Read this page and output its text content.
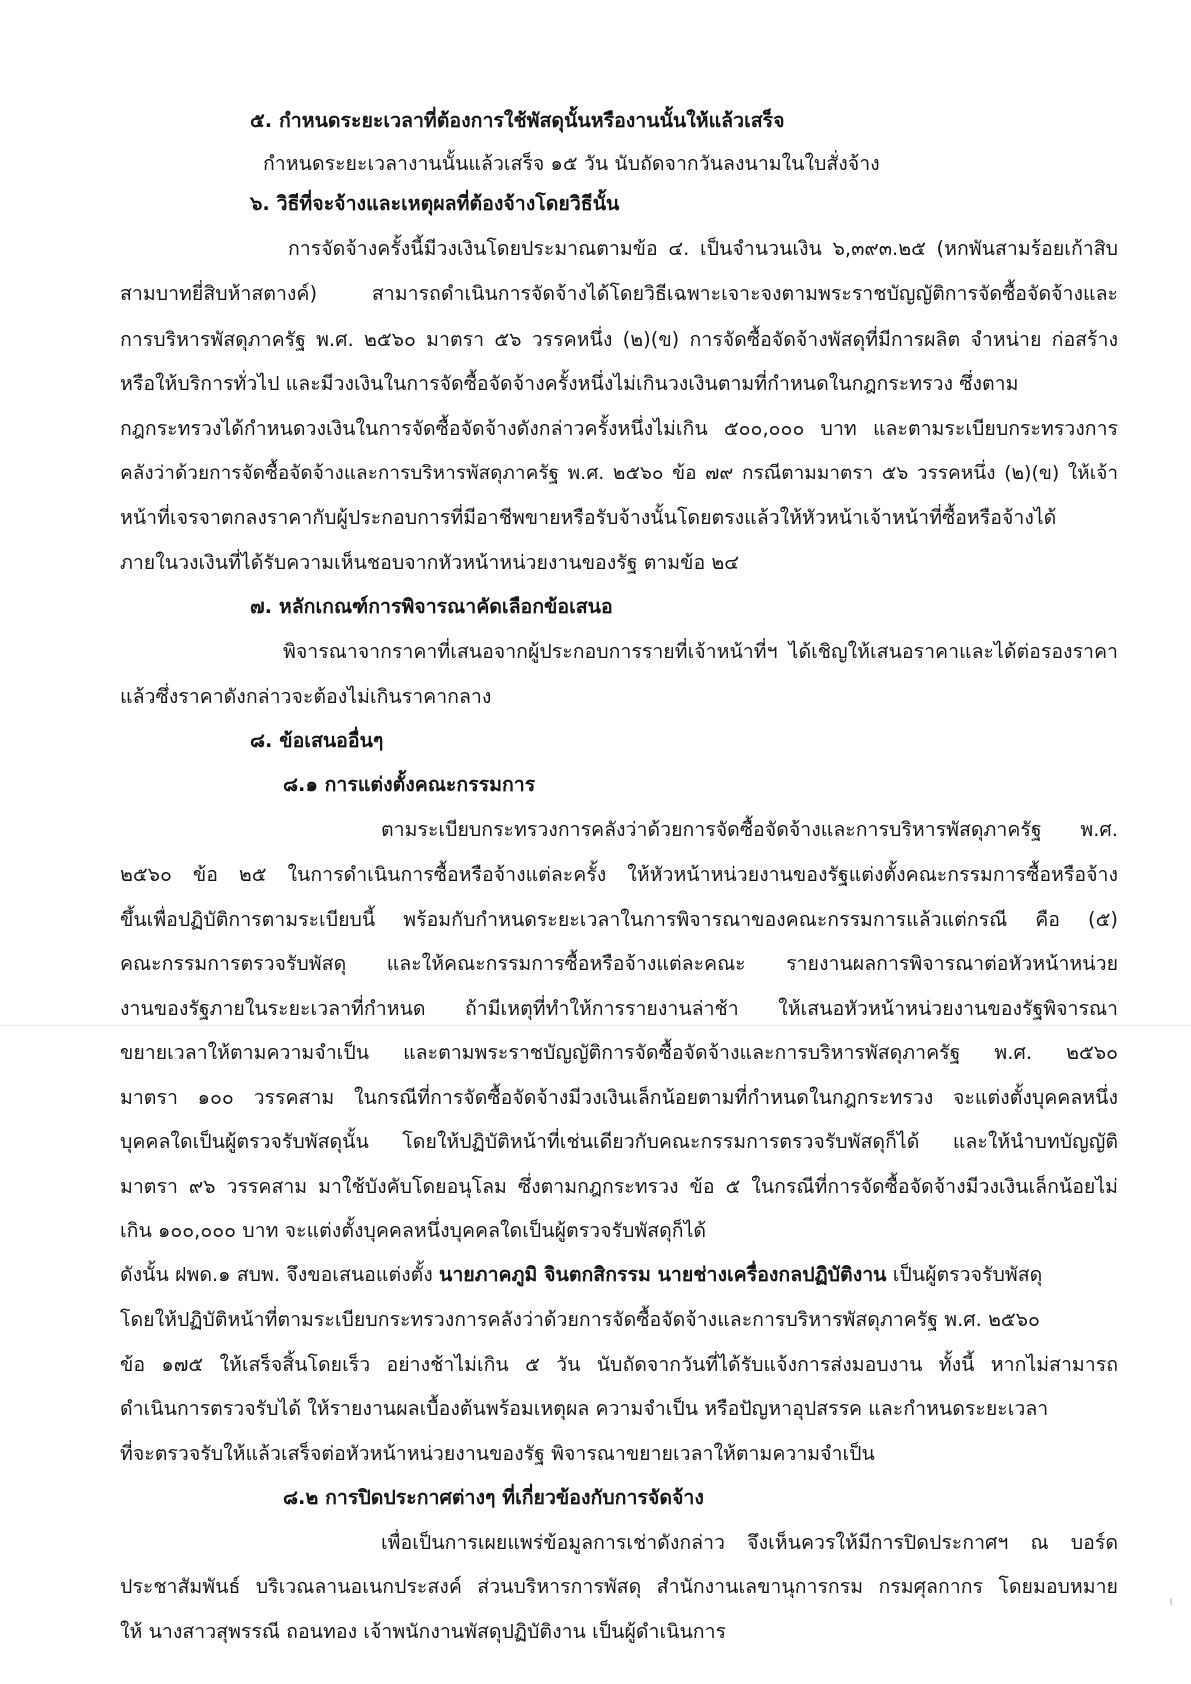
๕. กำหนดระยะเวลาที่ต้องการใช้พัสดุนั้นหรืองานนั้นให้แล้วเสร็จ
กำหนดระยะเวลางานนั้นแล้วเสร็จ ๑๕ วัน นับถัดจากวันลงนามในใบสั่งจ้าง
๖. วิธีที่จะจ้างและเหตุผลที่ต้องจ้างโดยวิธีนั้น
การจัดจ้างครั้งนี้มีวงเงินโดยประมาณตามข้อ ๔. เป็นจำนวนเงิน ๖,๓๙๓.๒๕ (หกพันสามร้อยเก้าสิบ
สามบาทยี่สิบห้าสตางค์) สามารถดำเนินการจัดจ้างได้โดยวิธีเฉพาะเจาะจงตามพระราชบัญญัติการจัดซื้อจัดจ้างและ
การบริหารพัสดุภาครัฐ พ.ศ. ๒๕๖๐ มาตรา ๕๖ วรรคหนึ่ง (๒)(ข) การจัดซื้อจัดจ้างพัสดุที่มีการผลิต จำหน่าย ก่อสร้าง
หรือให้บริการทั่วไป และมีวงเงินในการจัดซื้อจัดจ้างครั้งหนึ่งไม่เกินวงเงินตามที่กำหนดในกฎกระทรวง ซึ่งตาม
กฎกระทรวงได้กำหนดวงเงินในการจัดซื้อจัดจ้างดังกล่าวครั้งหนึ่งไม่เกิน ๕๐๐,๐๐๐ บาท และตามระเบียบกระทรวงการ
คลังว่าด้วยการจัดซื้อจัดจ้างและการบริหารพัสดุภาครัฐ พ.ศ. ๒๕๖๐ ข้อ ๗๙ กรณีตามมาตรา ๕๖ วรรคหนึ่ง (๒)(ข) ให้เจ้า
หน้าที่เจรจาตกลงราคากับผู้ประกอบการที่มีอาชีพขายหรือรับจ้างนั้นโดยตรงแล้วให้หัวหน้าเจ้าหน้าที่ซื้อหรือจ้างได้
ภายในวงเงินที่ได้รับความเห็นชอบจากหัวหน้าหน่วยงานของรัฐ ตามข้อ ๒๔
๗. หลักเกณฑ์การพิจารณาคัดเลือกข้อเสนอ
พิจารณาจากราคาที่เสนอจากผู้ประกอบการรายที่เจ้าหน้าที่ฯ ได้เชิญให้เสนอราคาและได้ต่อรองราคา
แล้วซึ่งราคาดังกล่าวจะต้องไม่เกินราคากลาง
๘. ข้อเสนออื่นๆ
๘.๑ การแต่งตั้งคณะกรรมการ
ตามระเบียบกระทรวงการคลังว่าด้วยการจัดซื้อจัดจ้างและการบริหารพัสดุภาครัฐ พ.ศ.
๒๕๖๐ ข้อ ๒๕ ในการดำเนินการซื้อหรือจ้างแต่ละครั้ง ให้หัวหน้าหน่วยงานของรัฐแต่งตั้งคณะกรรมการซื้อหรือจ้าง
ขึ้นเพื่อปฏิบัติการตามระเบียบนี้ พร้อมกับกำหนดระยะเวลาในการพิจารณาของคณะกรรมการแล้วแต่กรณี คือ (๕)
คณะกรรมการตรวจรับพัสดุ และให้คณะกรรมการซื้อหรือจ้างแต่ละคณะ รายงานผลการพิจารณาต่อหัวหน้าหน่วย
งานของรัฐภายในระยะเวลาที่กำหนด ถ้ามีเหตุที่ทำให้การรายงานล่าช้า ให้เสนอหัวหน้าหน่วยงานของรัฐพิจารณา
ขยายเวลาให้ตามความจำเป็น และตามพระราชบัญญัติการจัดซื้อจัดจ้างและการบริหารพัสดุภาครัฐ พ.ศ. ๒๕๖๐
มาตรา ๑๐๐ วรรคสาม ในกรณีที่การจัดซื้อจัดจ้างมีวงเงินเล็กน้อยตามที่กำหนดในกฎกระทรวง จะแต่งตั้งบุคคลหนึ่ง
บุคคลใดเป็นผู้ตรวจรับพัสดุนั้น โดยให้ปฏิบัติหน้าที่เช่นเดียวกับคณะกรรมการตรวจรับพัสดุก็ได้ และให้นำบทบัญญัติ
มาตรา ๙๖ วรรคสาม มาใช้บังคับโดยอนุโลม ซึ่งตามกฎกระทรวง ข้อ ๕ ในกรณีที่การจัดซื้อจัดจ้างมีวงเงินเล็กน้อยไม่
เกิน ๑๐๐,๐๐๐ บาท จะแต่งตั้งบุคคลหนึ่งบุคคลใดเป็นผู้ตรวจรับพัสดุก็ได้
ดังนั้น ฝพด.๑ สบพ. จึงขอเสนอแต่งตั้ง นายภาคภูมิ จินตกสิกรรม นายช่างเครื่องกลปฏิบัติงาน เป็นผู้ตรวจรับพัสดุ
โดยให้ปฏิบัติหน้าที่ตามระเบียบกระทรวงการคลังว่าด้วยการจัดซื้อจัดจ้างและการบริหารพัสดุภาครัฐ พ.ศ. ๒๕๖๐
ข้อ ๑๗๕ ให้เสร็จสิ้นโดยเร็ว อย่างช้าไม่เกิน ๕ วัน นับถัดจากวันที่ได้รับแจ้งการส่งมอบงาน ทั้งนี้ หากไม่สามารถ
ดำเนินการตรวจรับได้ ให้รายงานผลเบื้องต้นพร้อมเหตุผล ความจำเป็น หรือปัญหาอุปสรรค และกำหนดระยะเวลา
ที่จะตรวจรับให้แล้วเสร็จต่อหัวหน้าหน่วยงานของรัฐ พิจารณาขยายเวลาให้ตามความจำเป็น
๘.๒ การปิดประกาศต่างๆ ที่เกี่ยวข้องกับการจัดจ้าง
เพื่อเป็นการเผยแพร่ข้อมูลการเช่าดังกล่าว จึงเห็นควรให้มีการปิดประกาศฯ ณ บอร์ด
ประชาสัมพันธ์ บริเวณลานอเนกประสงค์ ส่วนบริหารการพัสดุ สำนักงานเลขานุการกรม กรมศุลกากร โดยมอบหมาย
ให้ นางสาวสุพรรณี ถอนทอง เจ้าพนักงานพัสดุปฏิบัติงาน เป็นผู้ดำเนินการ
